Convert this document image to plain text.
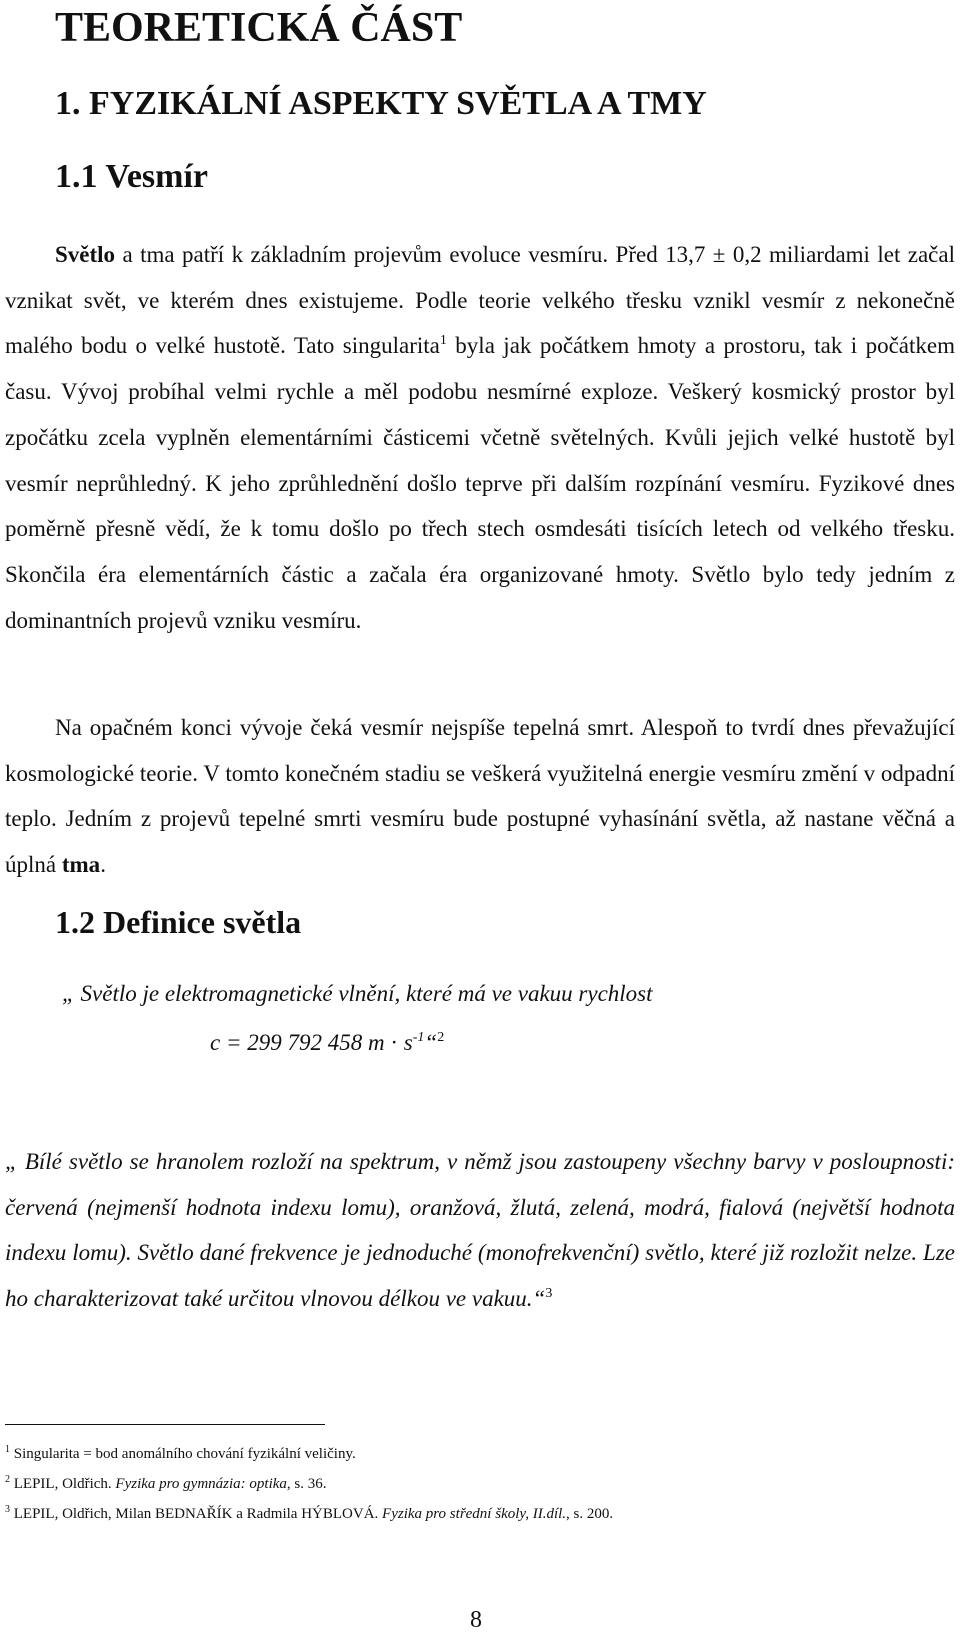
TEORETICKÁ ČÁST
1. FYZIKÁLNÍ ASPEKTY SVĚTLA A TMY
1.1 Vesmír

Světlo a tma patří k základním projevům evoluce vesmíru. Před 13,7 ± 0,2 miliardami let začal vznikat svět, ve kterém dnes existujeme. Podle teorie velkého třesku vznikl vesmír z nekonečně malého bodu o velké hustotě. Tato singularita$^1$ byla jak počátkem hmoty a prostoru, tak i počátkem času. Vývoj probíhal velmi rychle a měl podobu nesmírné exploze. Veškerý kosmický prostor byl zpočátku zcela vyplněn elementárními částicemi včetně světelných. Kvůli jejich velké hustotě byl vesmír neprůhledný. K jeho zprůhlednění došlo teprve při dalším rozpínání vesmíru. Fyzikové dnes poměrně přesně vědí, že k tomu došlo po třech stech osmdesáti tisících letech od velkého třesku. Skončila éra elementárních částic a začala éra organizované hmoty. Světlo bylo tedy jedním z dominantních projevů vzniku vesmíru.

Na opačném konci vývoje čeká vesmír nejspíše tepelná smrt. Alespoň to tvrdí dnes převažující kosmologické teorie. V tomto konečném stadiu se veškerá využitelná energie vesmíru změní v odpadní teplo. Jedním z projevů tepelné smrti vesmíru bude postupné vyhasínání světla, až nastane věčná a úplná tma.

1.2 Definice světla
„ Světlo je elektromagnetické vlnění, které má ve vakuu rychlost
c = 299 792 458 $m \cdot s^{-1}“^2$

„ Bílé světlo se hranolem rozloží na spektrum, v němž jsou zastoupeny všechny barvy v posloupnosti: červená (nejmenší hodnota indexu lomu), oranžová, žlutá, zelená, modrá, fialová (největší hodnota indexu lomu). Světlo dané frekvence je jednoduché (monofrekvenční) světlo, které již rozložit nelze. Lze ho charakterizovat také určitou vlnovou délkou ve vakuu.“$^3$

$^1$ Singularita = bod anomálního chování fyzikální veličiny.
$^2$ LEPIL, Oldřich. Fyzika pro gymnázia: optika, s. 36.
$^3$ LEPIL, Oldřich, Milan BEDNAŘÍK a Radmila HÝBLOVÁ. Fyzika pro střední školy, II.díl., s. 200.
8
